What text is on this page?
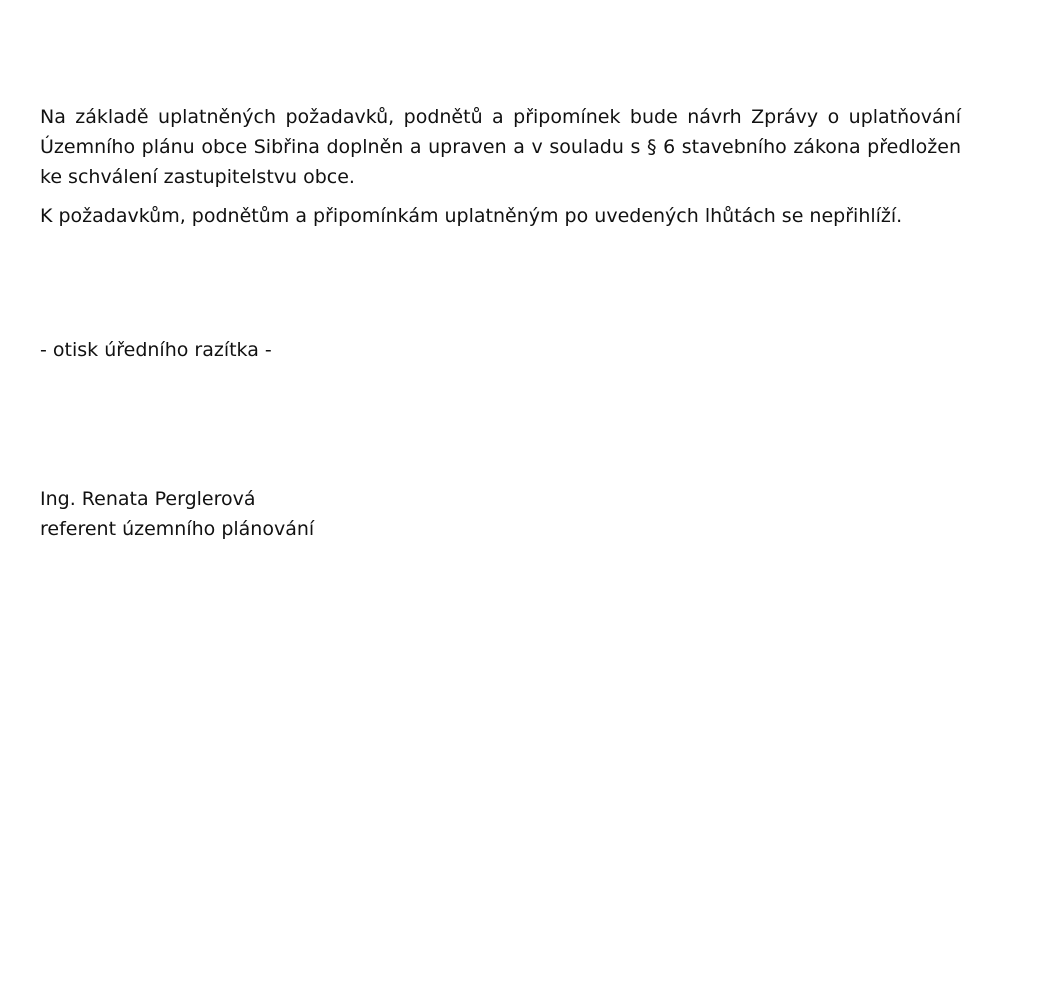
Na základě uplatněných požadavků, podnětů a připomínek bude návrh Zprávy o uplatňování Územního plánu obce Sibřina doplněn a upraven a v souladu s § 6 stavebního zákona předložen ke schválení zastupitelstvu obce.

K požadavkům, podnětům a připomínkám uplatněným po uvedených lhůtách se nepřihlíží.

- otisk úředního razítka -

Ing. Renata Perglerová
referent územního plánování
